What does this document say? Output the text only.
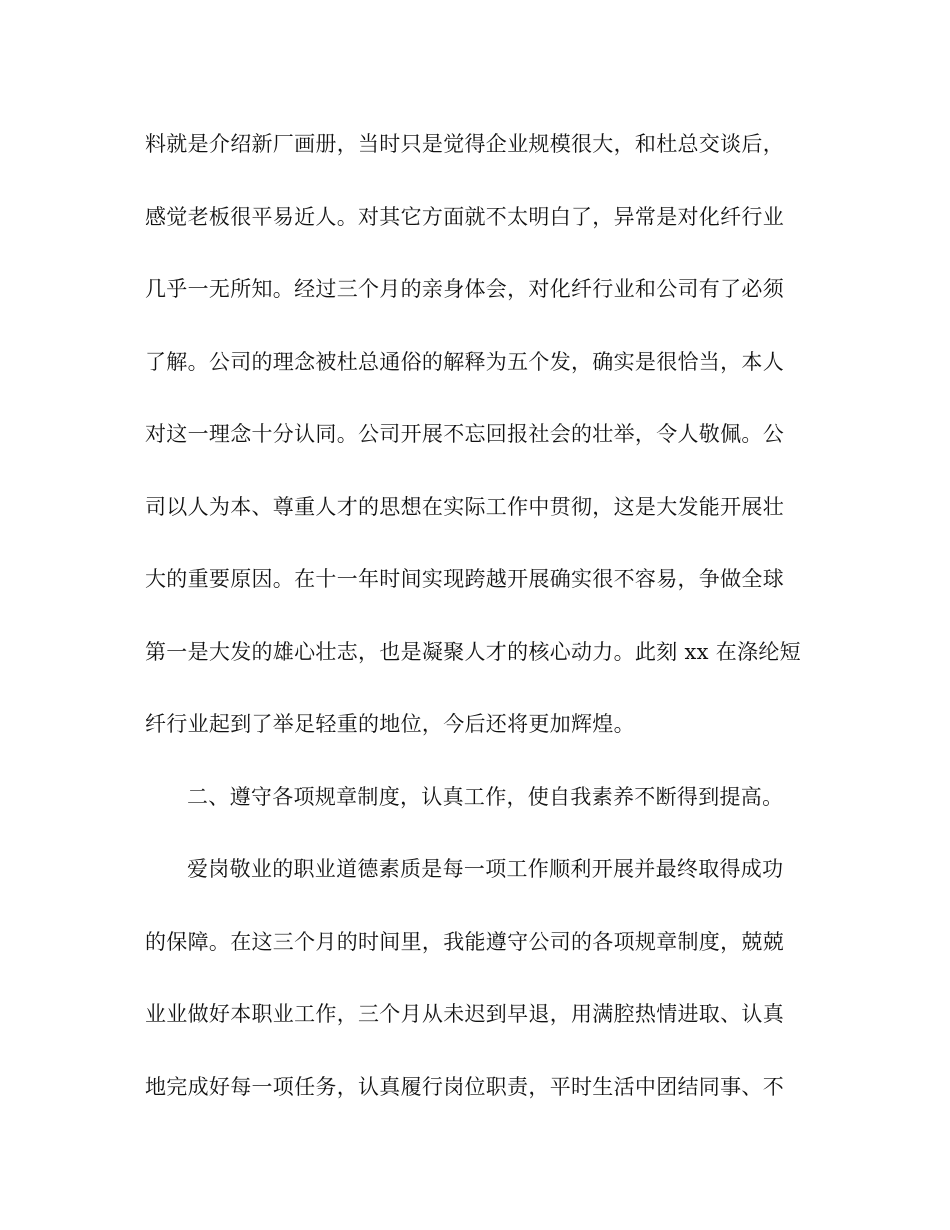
料就是介绍新厂画册，当时只是觉得企业规模很大，和杜总交谈后，
感觉老板很平易近人。对其它方面就不太明白了，异常是对化纤行业
几乎一无所知。经过三个月的亲身体会，对化纤行业和公司有了必须
了解。公司的理念被杜总通俗的解释为五个发，确实是很恰当，本人
对这一理念十分认同。公司开展不忘回报社会的壮举，令人敬佩。公
司以人为本、尊重人才的思想在实际工作中贯彻，这是大发能开展壮
大的重要原因。在十一年时间实现跨越开展确实很不容易，争做全球
第一是大发的雄心壮志，也是凝聚人才的核心动力。此刻 xx 在涤纶短
纤行业起到了举足轻重的地位，今后还将更加辉煌。
二、遵守各项规章制度，认真工作，使自我素养不断得到提高。
爱岗敬业的职业道德素质是每一项工作顺利开展并最终取得成功
的保障。在这三个月的时间里，我能遵守公司的各项规章制度，兢兢
业业做好本职业工作，三个月从未迟到早退，用满腔热情进取、认真
地完成好每一项任务，认真履行岗位职责，平时生活中团结同事、不
